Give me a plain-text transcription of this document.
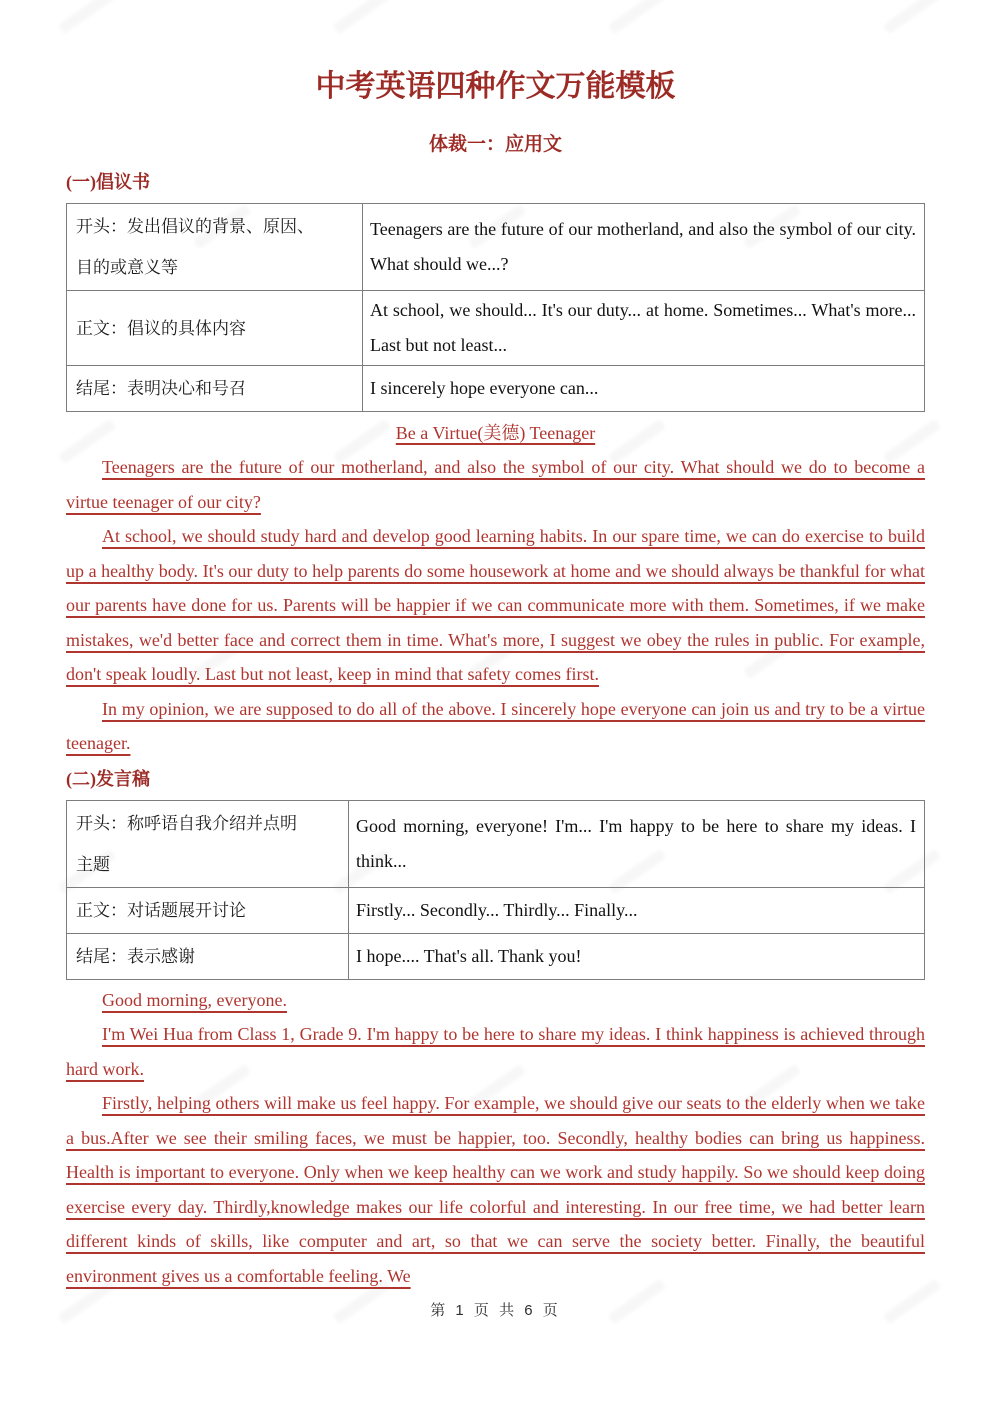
中考英语四种作文万能模板
体裁一：应用文
(一)倡议书
开头：发出倡议的背景、原因、目的或意义等	Teenagers are the future of our motherland, and also the symbol of our city. What should we...?
正文：倡议的具体内容	At school, we should... It's our duty... at home. Sometimes... What's more... Last but not least...
结尾：表明决心和号召	I sincerely hope everyone can...
Be a Virtue(美德) Teenager

Teenagers are the future of our motherland, and also the symbol of our city. What should we do to become a virtue teenager of our city?

At school, we should study hard and develop good learning habits. In our spare time, we can do exercise to build up a healthy body. It's our duty to help parents do some housework at home and we should always be thankful for what our parents have done for us. Parents will be happier if we can communicate more with them. Sometimes, if we make mistakes, we'd better face and correct them in time. What's more, I suggest we obey the rules in public. For example, don't speak loudly. Last but not least, keep in mind that safety comes first.

In my opinion, we are supposed to do all of the above. I sincerely hope everyone can join us and try to be a virtue teenager.

(二)发言稿
开头：称呼语自我介绍并点明主题	Good morning, everyone! I'm... I'm happy to be here to share my ideas. I think...
正文：对话题展开讨论	Firstly... Secondly... Thirdly... Finally...
结尾：表示感谢	I hope.... That's all. Thank you!

Good morning, everyone.

I'm Wei Hua from Class 1, Grade 9. I'm happy to be here to share my ideas. I think happiness is achieved through hard work.

Firstly, helping others will make us feel happy. For example, we should give our seats to the elderly when we take a bus.After we see their smiling faces, we must be happier, too. Secondly, healthy bodies can bring us happiness. Health is important to everyone. Only when we keep healthy can we work and study happily. So we should keep doing exercise every day. Thirdly,knowledge makes our life colorful and interesting. In our free time, we had better learn different kinds of skills, like computer and art, so that we can serve the society better. Finally, the beautiful environment gives us a comfortable feeling. We

第 1 页 共 6 页
